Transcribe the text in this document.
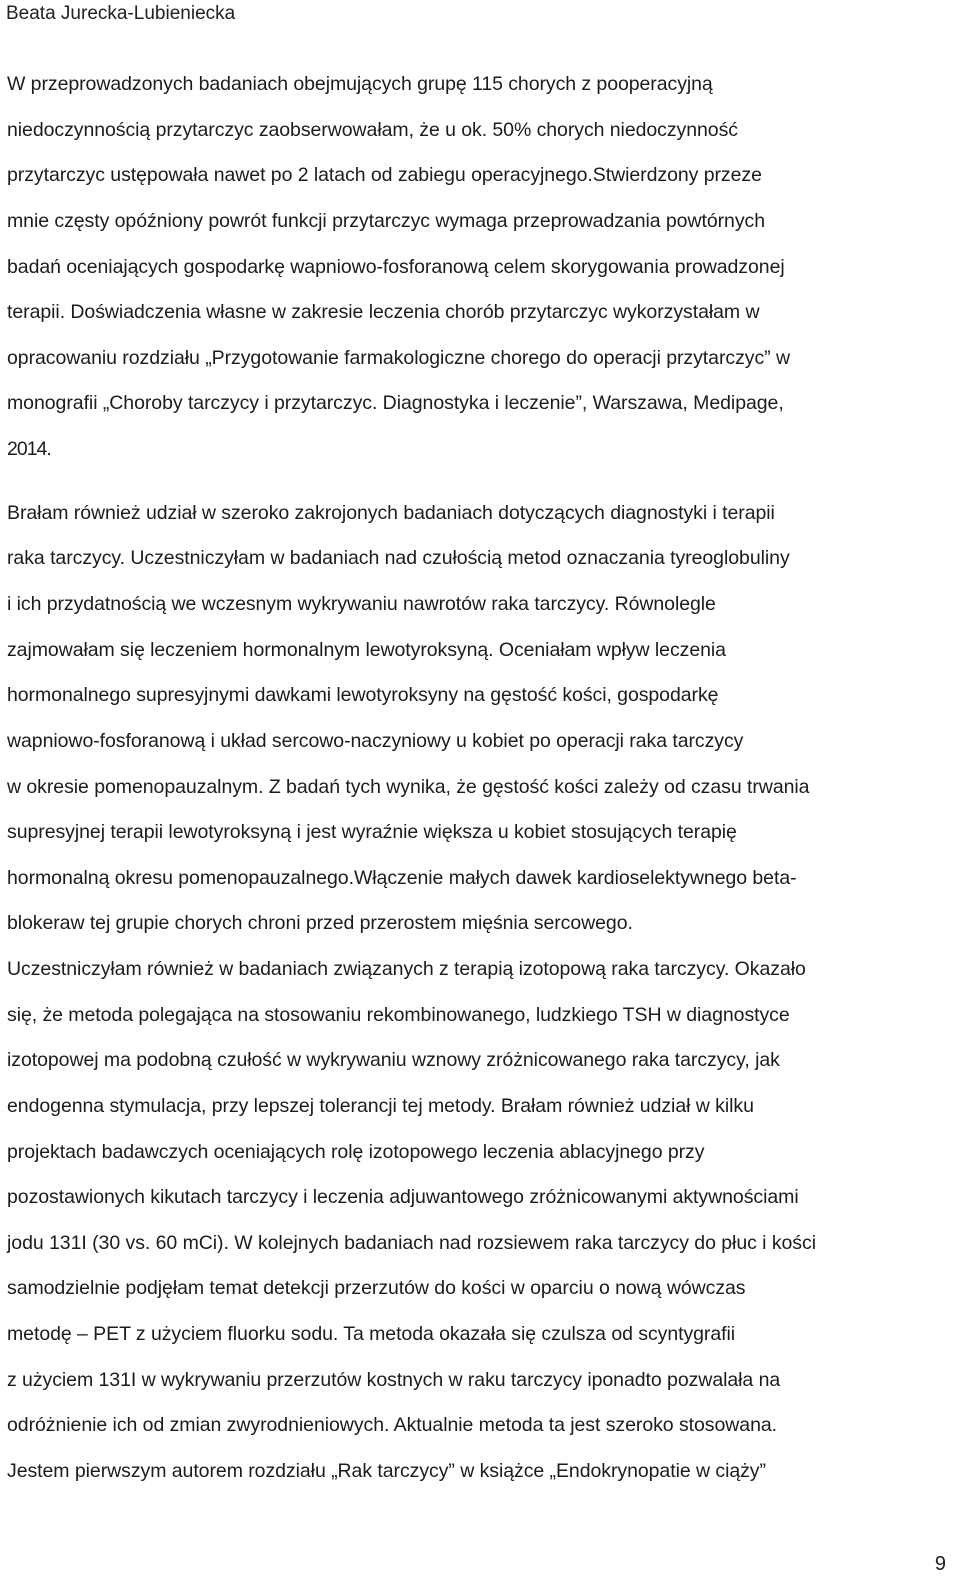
Beata Jurecka-Lubieniecka
W przeprowadzonych badaniach obejmujących grupę 115 chorych z pooperacyjną
niedoczynnością przytarczyc zaobserwowałam, że u ok. 50% chorych niedoczynność
przytarczyc ustępowała nawet po 2 latach od zabiegu operacyjnego.Stwierdzony przeze
mnie częsty opóźniony powrót funkcji przytarczyc wymaga przeprowadzania powtórnych
badań oceniających gospodarkę wapniowo-fosforanową celem skorygowania prowadzonej
terapii. Doświadczenia własne w zakresie leczenia chorób przytarczyc wykorzystałam w
opracowaniu rozdziału „Przygotowanie farmakologiczne chorego do operacji przytarczyc” w
monografii „Choroby tarczycy i przytarczyc. Diagnostyka i leczenie”, Warszawa, Medipage,
2014.
Brałam również udział w szeroko zakrojonych badaniach dotyczących diagnostyki i terapii
raka tarczycy. Uczestniczyłam w badaniach nad czułością metod oznaczania tyreoglobuliny
i ich przydatnością we wczesnym wykrywaniu nawrotów raka tarczycy. Równolegle
zajmowałam się leczeniem hormonalnym lewotyroksyną. Oceniałam wpływ leczenia
hormonalnego supresyjnymi dawkami lewotyroksyny na gęstość kości, gospodarkę
wapniowo-fosforanową i układ sercowo-naczyniowy u kobiet po operacji raka tarczycy
w okresie pomenopauzalnym. Z badań tych wynika, że gęstość kości zależy od czasu trwania
supresyjnej terapii lewotyroksyną i jest wyraźnie większa u kobiet stosujących terapię
hormonalną okresu pomenopauzalnego.Włączenie małych dawek kardioselektywnego beta-
blokeraw tej grupie chorych chroni przed przerostem mięśnia sercowego.
Uczestniczyłam również w badaniach związanych z terapią izotopową raka tarczycy. Okazało
się, że metoda polegająca na stosowaniu rekombinowanego, ludzkiego TSH w diagnostyce
izotopowej ma podobną czułość w wykrywaniu wznowy zróżnicowanego raka tarczycy, jak
endogenna stymulacja, przy lepszej tolerancji tej metody. Brałam również udział w kilku
projektach badawczych oceniających rolę izotopowego leczenia ablacyjnego przy
pozostawionych kikutach tarczycy i leczenia adjuwantowego zróżnicowanymi aktywnościami
jodu 131I (30 vs. 60 mCi). W kolejnych badaniach nad rozsiewem raka tarczycy do płuc i kości
samodzielnie podjęłam temat detekcji przerzutów do kości w oparciu o nową wówczas
metodę – PET z użyciem fluorku sodu. Ta metoda okazała się czulsza od scyntygrafii
z użyciem 131I w wykrywaniu przerzutów kostnych w raku tarczycy iponadto pozwalała na
odróżnienie ich od zmian zwyrodnieniowych. Aktualnie metoda ta jest szeroko stosowana.
Jestem pierwszym autorem rozdziału „Rak tarczycy” w książce „Endokrynopatie w ciąży”
9
